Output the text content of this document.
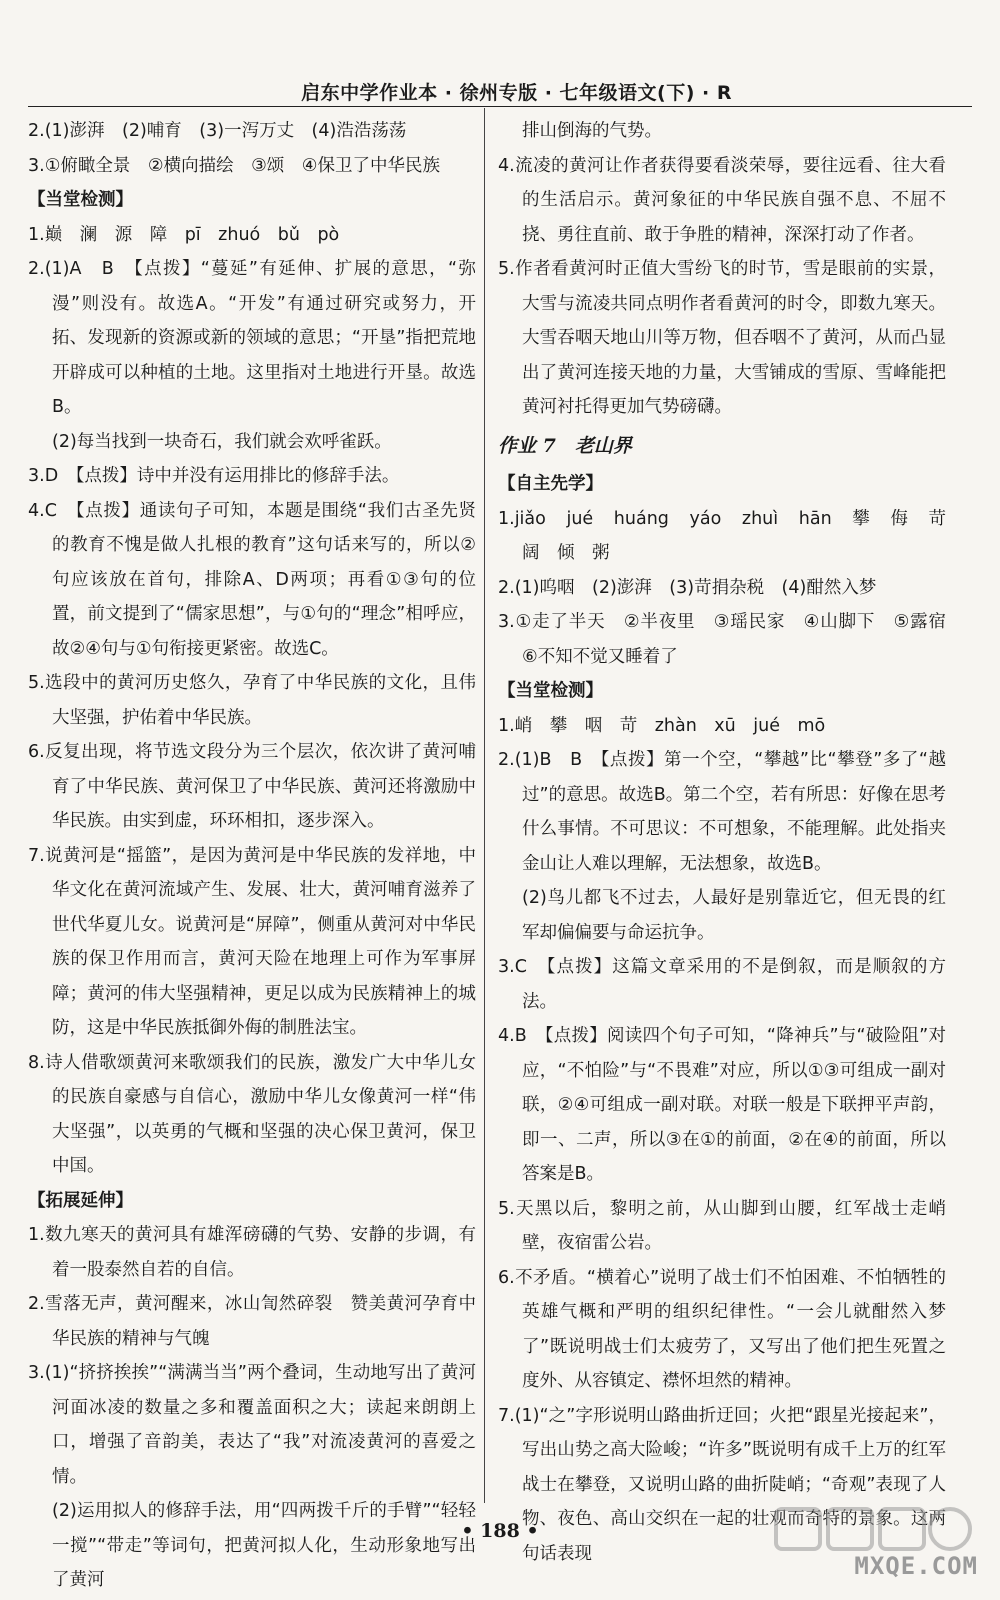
启东中学作业本 · 徐州专版 · 七年级语文(下) · R

2.(1)澎湃　(2)哺育　(3)一泻万丈　(4)浩浩荡荡

3.①俯瞰全景　②横向描绘　③颂　④保卫了中华民族

【当堂检测】

1.巅　澜　源　障　pī　zhuó　bǔ　pò

2.(1)A　B　【点拨】“蔓延”有延伸、扩展的意思，“弥漫”则没有。故选A。“开发”有通过研究或努力，开拓、发现新的资源或新的领域的意思；“开垦”指把荒地开辟成可以种植的土地。这里指对土地进行开垦。故选B。

(2)每当找到一块奇石，我们就会欢呼雀跃。

3.D　【点拨】诗中并没有运用排比的修辞手法。

4.C　【点拨】通读句子可知，本题是围绕“我们古圣先贤的教育不愧是做人扎根的教育”这句话来写的，所以②句应该放在首句，排除A、D两项；再看①③句的位置，前文提到了“儒家思想”，与①句的“理念”相呼应，故②④句与①句衔接更紧密。故选C。

5.选段中的黄河历史悠久，孕育了中华民族的文化，且伟大坚强，护佑着中华民族。

6.反复出现，将节选文段分为三个层次，依次讲了黄河哺育了中华民族、黄河保卫了中华民族、黄河还将激励中华民族。由实到虚，环环相扣，逐步深入。

7.说黄河是“摇篮”，是因为黄河是中华民族的发祥地，中华文化在黄河流域产生、发展、壮大，黄河哺育滋养了世代华夏儿女。说黄河是“屏障”，侧重从黄河对中华民族的保卫作用而言，黄河天险在地理上可作为军事屏障；黄河的伟大坚强精神，更足以成为民族精神上的城防，这是中华民族抵御外侮的制胜法宝。

8.诗人借歌颂黄河来歌颂我们的民族，激发广大中华儿女的民族自豪感与自信心，激励中华儿女像黄河一样“伟大坚强”，以英勇的气概和坚强的决心保卫黄河，保卫中国。

【拓展延伸】

1.数九寒天的黄河具有雄浑磅礴的气势、安静的步调，有着一股泰然自若的自信。

2.雪落无声，黄河醒来，冰山訇然碎裂　赞美黄河孕育中华民族的精神与气魄

3.(1)“挤挤挨挨”“满满当当”两个叠词，生动地写出了黄河河面冰凌的数量之多和覆盖面积之大；读起来朗朗上口，增强了音韵美，表达了“我”对流凌黄河的喜爱之情。

(2)运用拟人的修辞手法，用“四两拨千斤的手臂”“轻轻一搅”“带走”等词句，把黄河拟人化，生动形象地写出了黄河

排山倒海的气势。

4.流凌的黄河让作者获得要看淡荣辱，要往远看、往大看的生活启示。黄河象征的中华民族自强不息、不屈不挠、勇往直前、敢于争胜的精神，深深打动了作者。

5.作者看黄河时正值大雪纷飞的时节，雪是眼前的实景，大雪与流凌共同点明作者看黄河的时令，即数九寒天。大雪吞咽天地山川等万物，但吞咽不了黄河，从而凸显出了黄河连接天地的力量，大雪铺成的雪原、雪峰能把黄河衬托得更加气势磅礴。

作业 7　老山界

【自主先学】

1.jiǎo　jué　huáng　yáo　zhuì　hān　攀　侮　苛　阔　倾　粥

2.(1)呜咽　(2)澎湃　(3)苛捐杂税　(4)酣然入梦

3.①走了半天　②半夜里　③瑶民家　④山脚下　⑤露宿　⑥不知不觉又睡着了

【当堂检测】

1.峭　攀　咽　苛　zhàn　xū　jué　mō

2.(1)B　B　【点拨】第一个空，“攀越”比“攀登”多了“越过”的意思。故选B。第二个空，若有所思：好像在思考什么事情。不可思议：不可想象，不能理解。此处指夹金山让人难以理解，无法想象，故选B。

(2)鸟儿都飞不过去，人最好是别靠近它，但无畏的红军却偏偏要与命运抗争。

3.C　【点拨】这篇文章采用的不是倒叙，而是顺叙的方法。

4.B　【点拨】阅读四个句子可知，“降神兵”与“破险阻”对应，“不怕险”与“不畏难”对应，所以①③可组成一副对联，②④可组成一副对联。对联一般是下联押平声韵，即一、二声，所以③在①的前面，②在④的前面，所以答案是B。

5.天黑以后，黎明之前，从山脚到山腰，红军战士走峭壁，夜宿雷公岩。

6.不矛盾。“横着心”说明了战士们不怕困难、不怕牺牲的英雄气概和严明的组织纪律性。“一会儿就酣然入梦了”既说明战士们太疲劳了，又写出了他们把生死置之度外、从容镇定、襟怀坦然的精神。

7.(1)“之”字形说明山路曲折迂回；火把“跟星光接起来”，写出山势之高大险峻；“许多”既说明有成千上万的红军战士在攀登，又说明山路的曲折陡峭；“奇观”表现了人物、夜色、高山交织在一起的壮观而奇特的景象。这两句话表现

• 188 •
MXQE.COM
